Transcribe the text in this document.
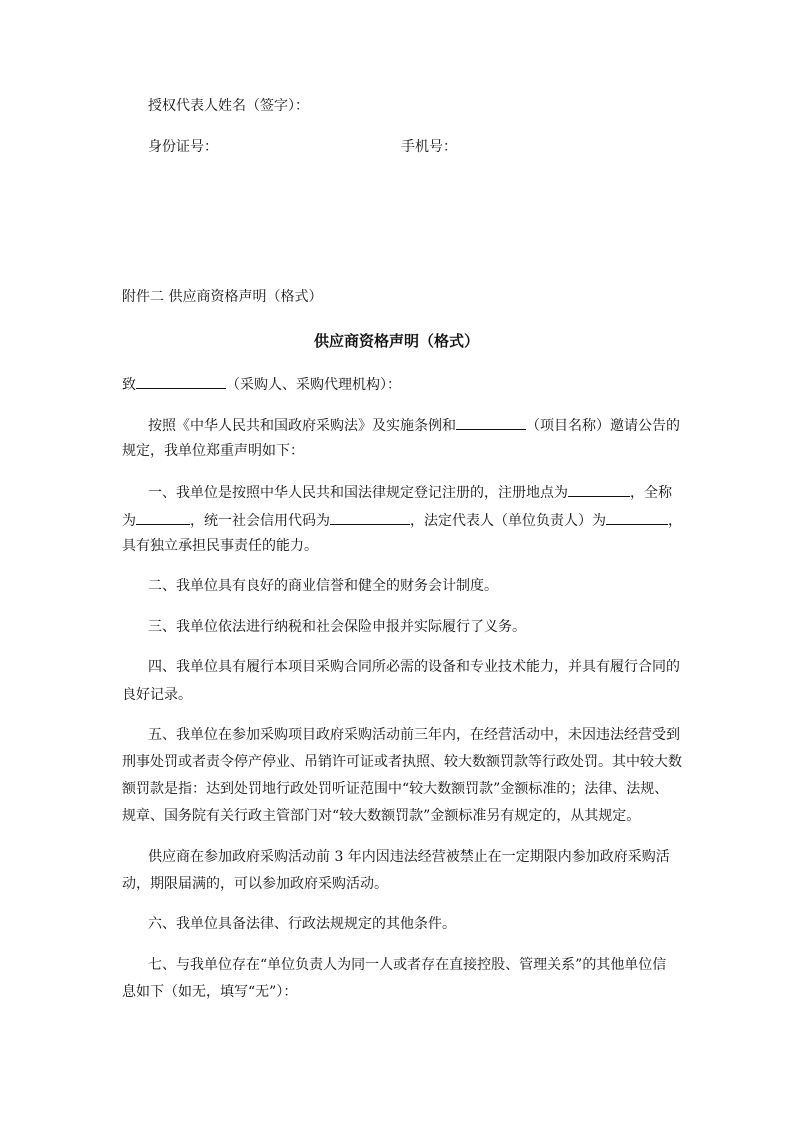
授权代表人姓名（签字）：
身份证号：	手机号：
附件二 供应商资格声明（格式）
供应商资格声明（格式）
致	（采购人、采购代理机构）：
按照《中华人民共和国政府采购法》及实施条例和	（项目名称）邀请公告的
规定，我单位郑重声明如下：
一、我单位是按照中华人民共和国法律规定登记注册的，注册地点为	，全称
为	，统一社会信用代码为	，法定代表人（单位负责人）为	，
具有独立承担民事责任的能力。
二、我单位具有良好的商业信誉和健全的财务会计制度。
三、我单位依法进行纳税和社会保险申报并实际履行了义务。
四、我单位具有履行本项目采购合同所必需的设备和专业技术能力，并具有履行合同的
良好记录。
五、我单位在参加采购项目政府采购活动前三年内，在经营活动中，未因违法经营受到
刑事处罚或者责令停产停业、吊销许可证或者执照、较大数额罚款等行政处罚。其中较大数
额罚款是指：达到处罚地行政处罚听证范围中“较大数额罚款”金额标准的；法律、法规、
规章、国务院有关行政主管部门对“较大数额罚款”金额标准另有规定的，从其规定。
供应商在参加政府采购活动前 3 年内因违法经营被禁止在一定期限内参加政府采购活
动，期限届满的，可以参加政府采购活动。
六、我单位具备法律、行政法规规定的其他条件。
七、与我单位存在“单位负责人为同一人或者存在直接控股、管理关系”的其他单位信
息如下（如无，填写“无”）：
